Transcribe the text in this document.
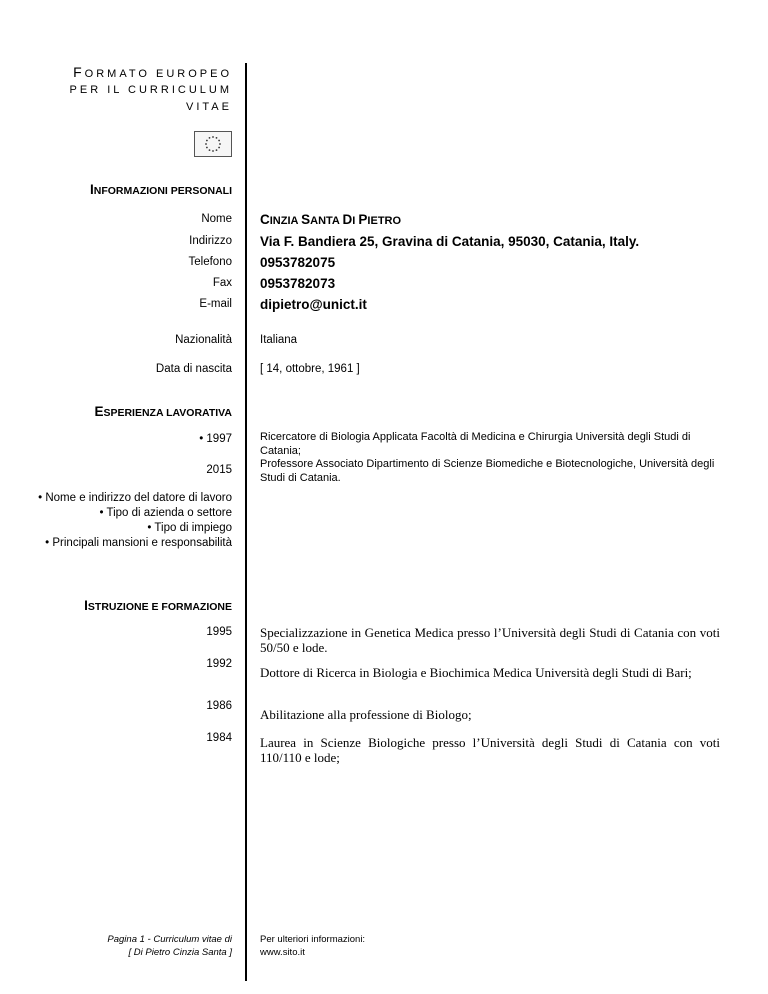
FORMATO EUROPEO
PER IL CURRICULUM
VITAE
INFORMAZIONI PERSONALI
Nome CINZIA SANTA DI PIETRO
Indirizzo Via F. Bandiera 25, Gravina di Catania, 95030, Catania, Italy.
Telefono 0953782075
Fax 0953782073
E-mail dipietro@unict.it
Nazionalità Italiana
Data di nascita [ 14, ottobre, 1961 ]
ESPERIENZA LAVORATIVA
• 1997
2015

Ricercatore di Biologia Applicata Facoltà di Medicina e Chirurgia Università degli Studi di Catania;

Professore Associato Dipartimento di Scienze Biomediche e Biotecnologiche, Università degli Studi di Catania.

• Nome e indirizzo del datore di lavoro

• Tipo di azienda o settore

• Tipo di impiego

• Principali mansioni e responsabilità

ISTRUZIONE E FORMAZIONE
1995 Specializzazione in Genetica Medica presso l’Università degli Studi di Catania con voti 50/50 e lode.
1992
Dottore di Ricerca in Biologia e Biochimica Medica Università degli Studi di Bari;
1986
Abilitazione alla professione di Biologo;
1984 Laurea in Scienze Biologiche presso l’Università degli Studi di Catania con voti 110/110 e lode;
Pagina 1 - Curriculum vitae di
[ Di Pietro Cinzia Santa ]
Per ulteriori informazioni:
www.sito.it
